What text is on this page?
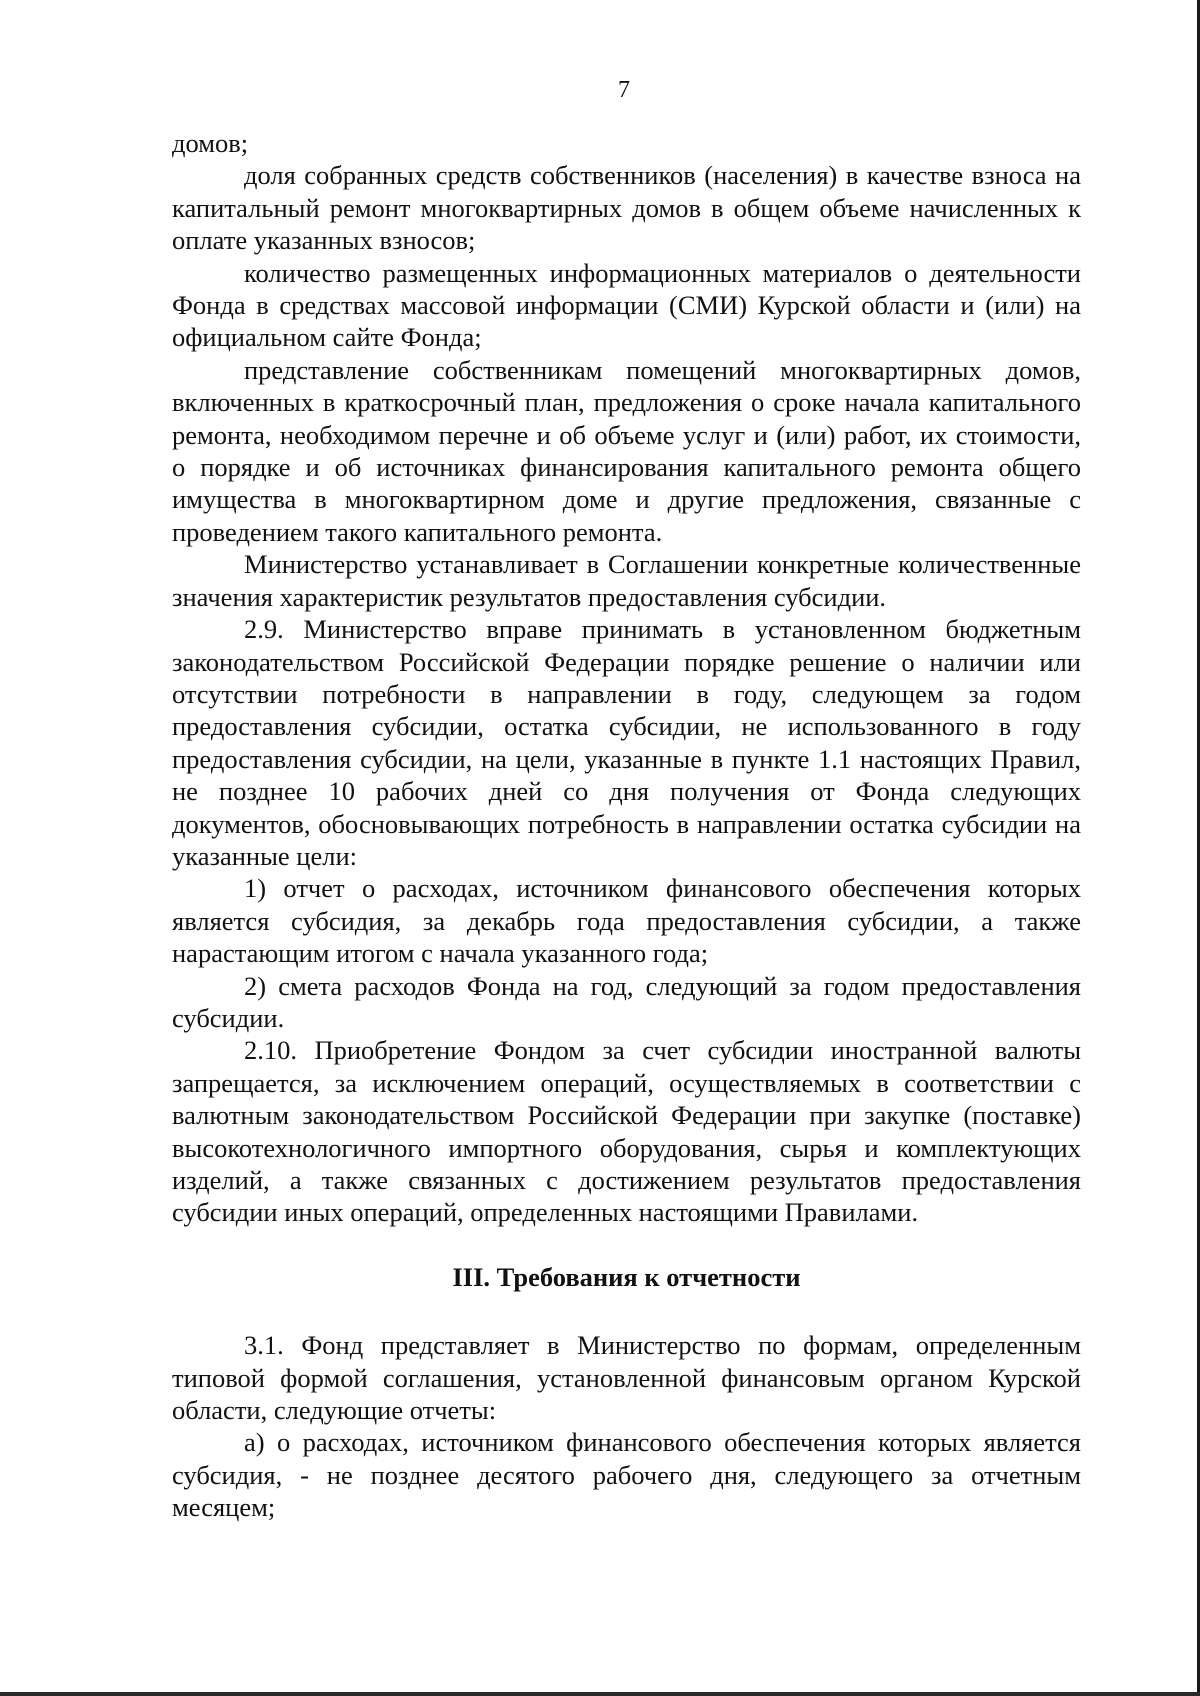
7

домов;

доля собранных средств собственников (населения) в качестве взноса на капитальный ремонт многоквартирных домов в общем объеме начисленных к оплате указанных взносов;

количество размещенных информационных материалов о деятельности Фонда в средствах массовой информации (СМИ) Курской области и (или) на официальном сайте Фонда;

представление собственникам помещений многоквартирных домов, включенных в краткосрочный план, предложения о сроке начала капитального ремонта, необходимом перечне и об объеме услуг и (или) работ, их стоимости, о порядке и об источниках финансирования капитального ремонта общего имущества в многоквартирном доме и другие предложения, связанные с проведением такого капитального ремонта.

Министерство устанавливает в Соглашении конкретные количественные значения характеристик результатов предоставления субсидии.

2.9. Министерство вправе принимать в установленном бюджетным законодательством Российской Федерации порядке решение о наличии или отсутствии потребности в направлении в году, следующем за годом предоставления субсидии, остатка субсидии, не использованного в году предоставления субсидии, на цели, указанные в пункте 1.1 настоящих Правил, не позднее 10 рабочих дней со дня получения от Фонда следующих документов, обосновывающих потребность в направлении остатка субсидии на указанные цели:

1) отчет о расходах, источником финансового обеспечения которых является субсидия, за декабрь года предоставления субсидии, а также нарастающим итогом с начала указанного года;

2) смета расходов Фонда на год, следующий за годом предоставления субсидии.

2.10. Приобретение Фондом за счет субсидии иностранной валюты запрещается, за исключением операций, осуществляемых в соответствии с валютным законодательством Российской Федерации при закупке (поставке) высокотехнологичного импортного оборудования, сырья и комплектующих изделий, а также связанных с достижением результатов предоставления субсидии иных операций, определенных настоящими Правилами.

III. Требования к отчетности

3.1. Фонд представляет в Министерство по формам, определенным типовой формой соглашения, установленной финансовым органом Курской области, следующие отчеты:

а) о расходах, источником финансового обеспечения которых является субсидия, - не позднее десятого рабочего дня, следующего за отчетным месяцем;
